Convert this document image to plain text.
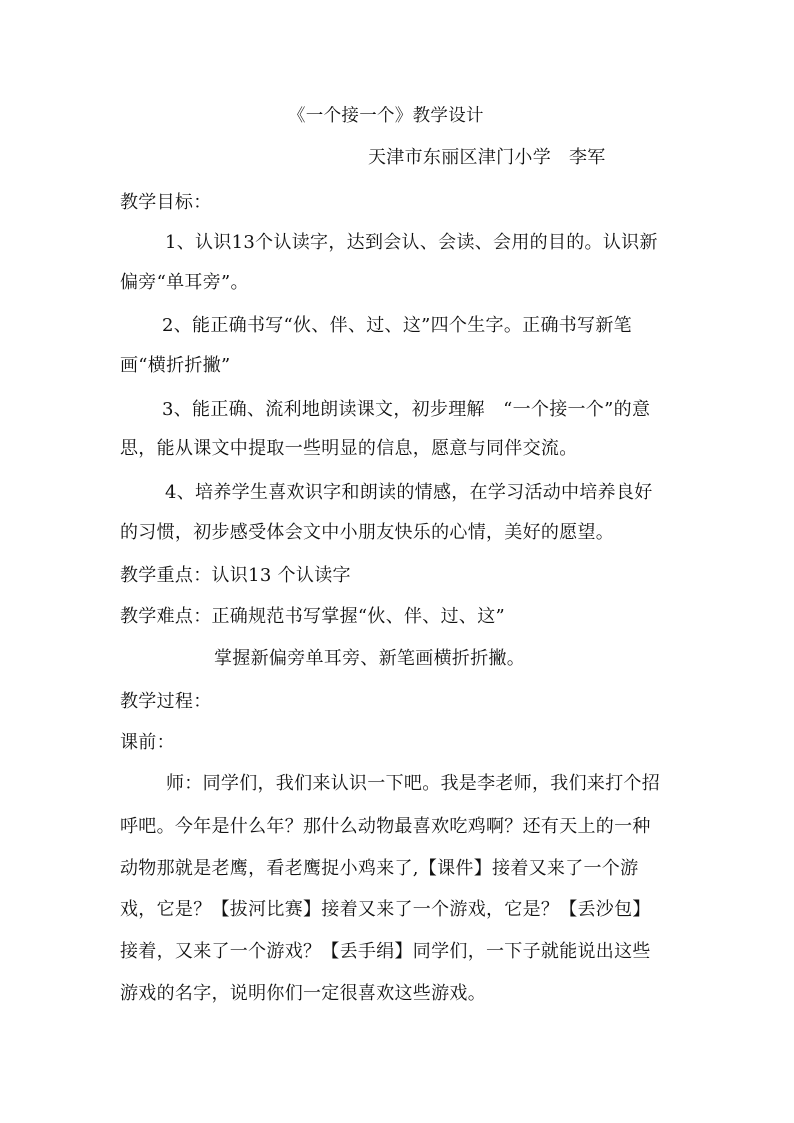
《一个接一个》教学设计
天津市东丽区津门小学 李军
教学目标：
1、认识13个认读字，达到会认、会读、会用的目的。认识新
偏旁“单耳旁”。
2、能正确书写“伙、伴、过、这”四个生字。正确书写新笔
画“横折折撇”
3、能正确、流利地朗读课文，初步理解　“一个接一个”的意
思，能从课文中提取一些明显的信息，愿意与同伴交流。
4、培养学生喜欢识字和朗读的情感，在学习活动中培养良好
的习惯，初步感受体会文中小朋友快乐的心情，美好的愿望。
教学重点：认识13 个认读字
教学难点：正确规范书写掌握“伙、伴、过、这”
掌握新偏旁单耳旁、新笔画横折折撇。
教学过程：
课前：
师：同学们，我们来认识一下吧。我是李老师，我们来打个招
呼吧。今年是什么年？那什么动物最喜欢吃鸡啊？还有天上的一种
动物那就是老鹰，看老鹰捉小鸡来了,【课件】接着又来了一个游
戏，它是？【拔河比赛】接着又来了一个游戏，它是？【丢沙包】
接着，又来了一个游戏？【丢手绢】同学们，一下子就能说出这些
游戏的名字，说明你们一定很喜欢这些游戏。
